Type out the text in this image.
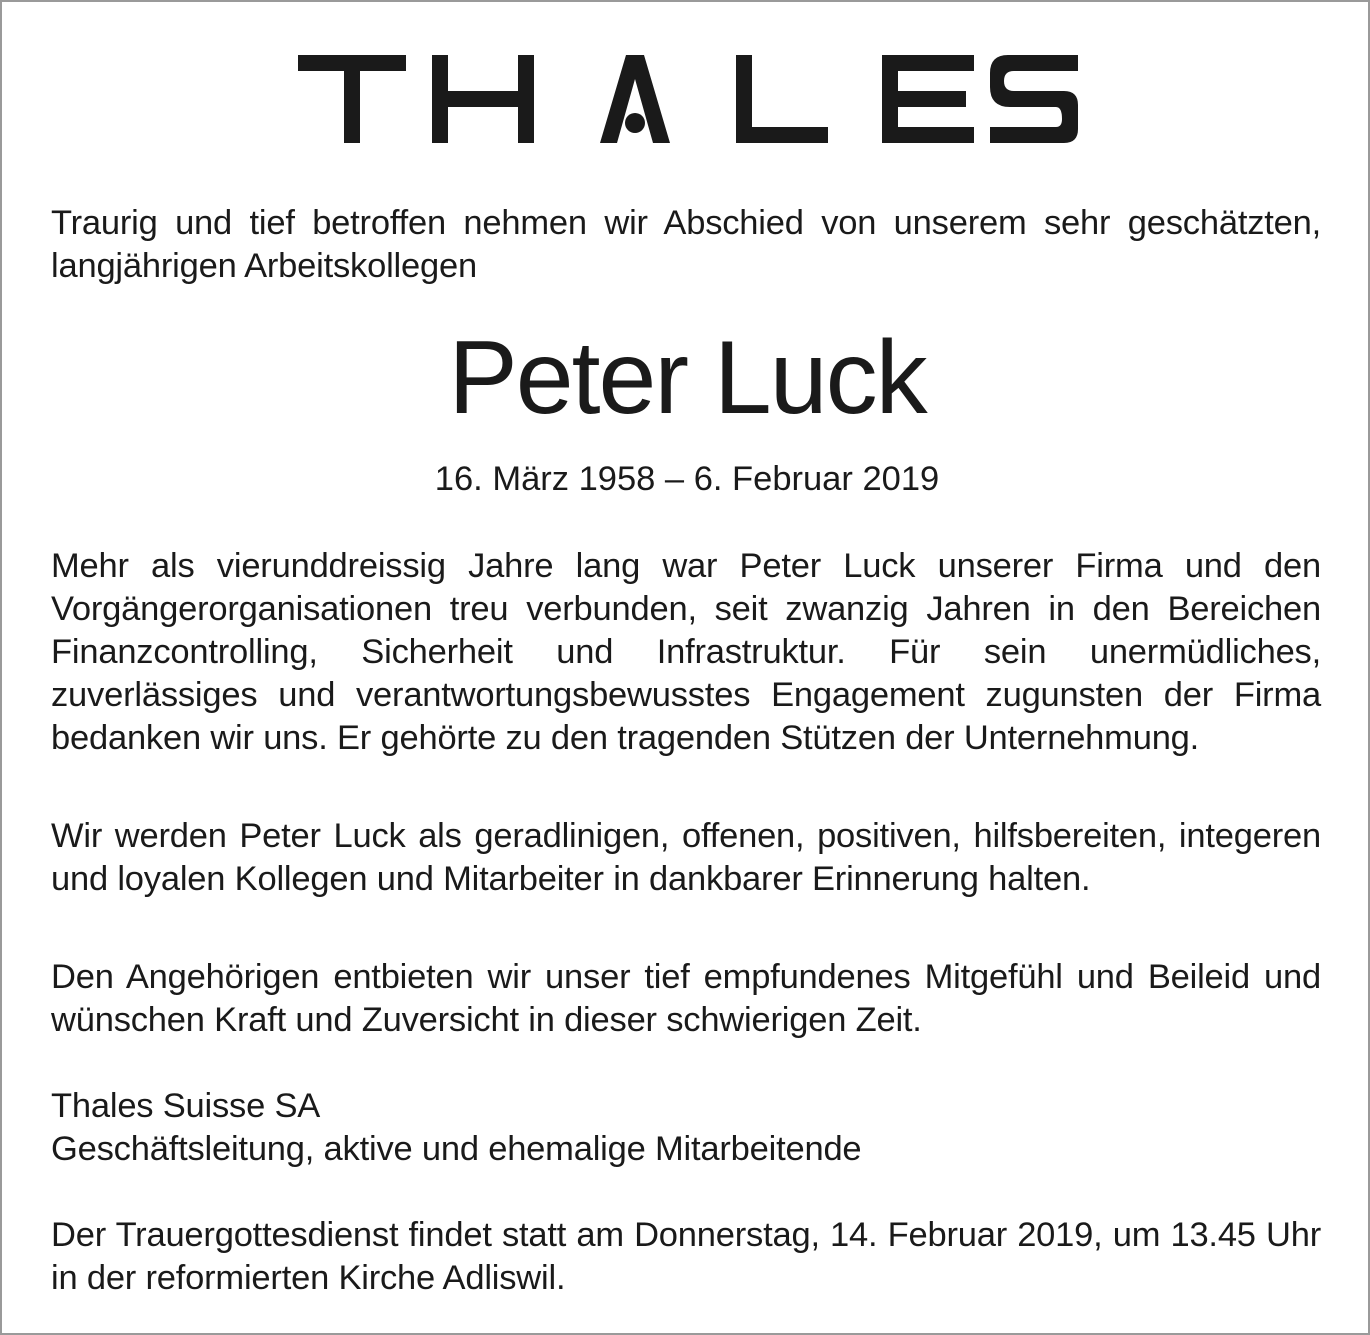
Traurig und tief betroffen nehmen wir Abschied von unserem sehr geschätzten, langjährigen Arbeitskollegen
Peter Luck
16. März 1958 – 6. Februar 2019
Mehr als vierunddreissig Jahre lang war Peter Luck unserer Firma und den Vorgängerorganisationen treu verbunden, seit zwanzig Jahren in den Bereichen Finanzcontrolling, Sicherheit und Infrastruktur. Für sein unermüdliches, zuverlässiges und verantwortungsbewusstes Engagement zugunsten der Firma bedanken wir uns. Er gehörte zu den tragenden Stützen der Unternehmung.
Wir werden Peter Luck als geradlinigen, offenen, positiven, hilfsbereiten, integeren und loyalen Kollegen und Mitarbeiter in dankbarer Erinnerung halten.
Den Angehörigen entbieten wir unser tief empfundenes Mitgefühl und Beileid und wünschen Kraft und Zuversicht in dieser schwierigen Zeit.

Thales Suisse SA

Geschäftsleitung, aktive und ehemalige Mitarbeitende

Der Trauergottesdienst findet statt am Donnerstag, 14. Februar 2019, um 13.45 Uhr in der reformierten Kirche Adliswil.
